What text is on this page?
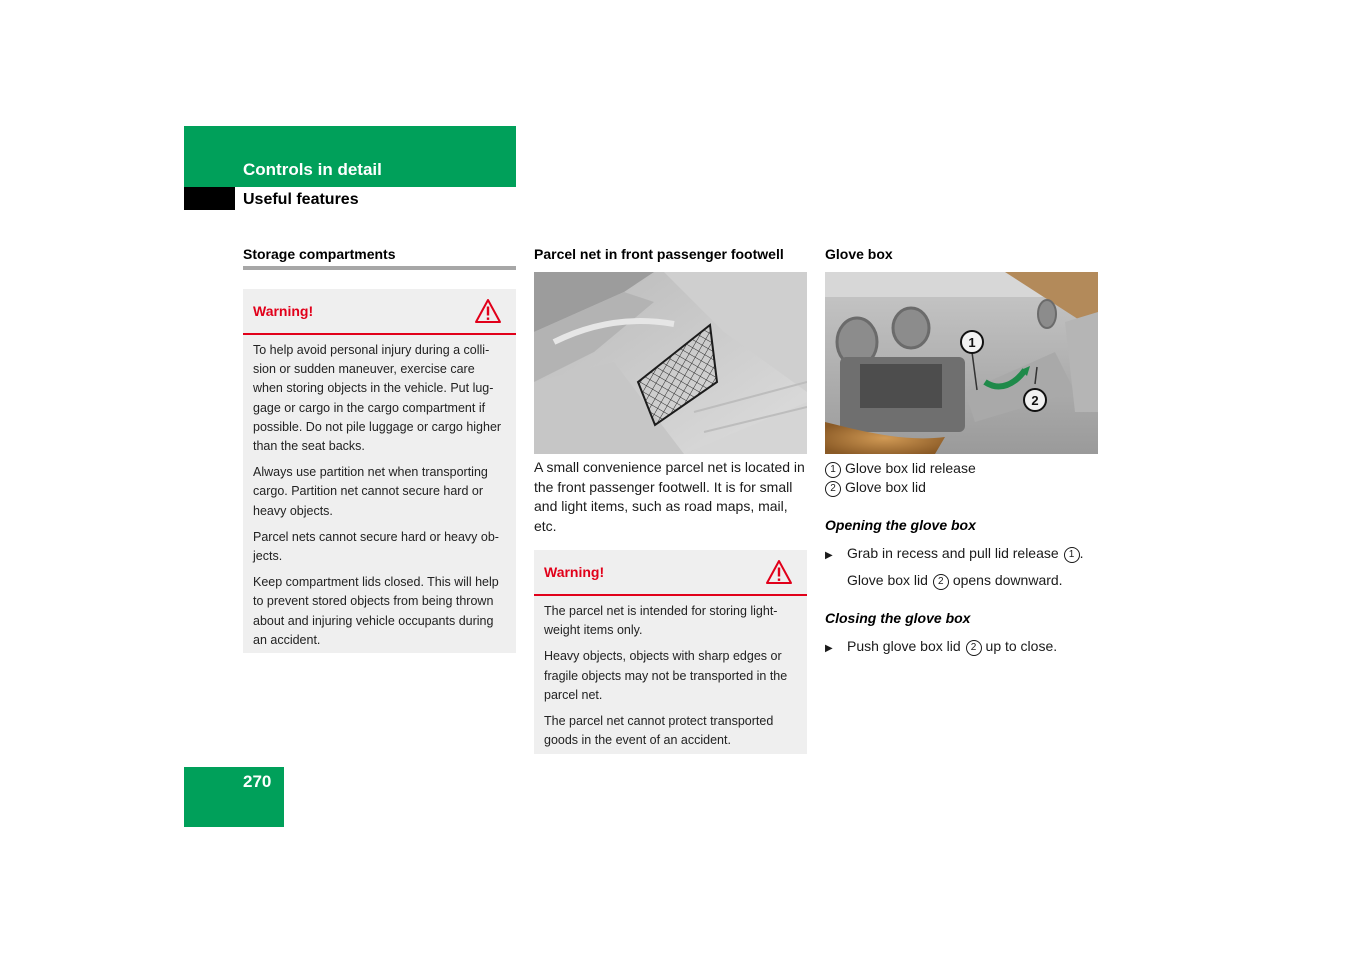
Controls in detail
Useful features
Storage compartments
Warning!

To help avoid personal injury during a colli-sion or sudden maneuver, exercise care when storing objects in the vehicle. Put lug-gage or cargo in the cargo compartment if possible. Do not pile luggage or cargo higher than the seat backs.

Always use partition net when transporting cargo. Partition net cannot secure hard or heavy objects.

Parcel nets cannot secure hard or heavy ob-jects.

Keep compartment lids closed. This will help to prevent stored objects from being thrown about and injuring vehicle occupants during an accident.

Parcel net in front passenger footwell
A small convenience parcel net is located in the front passenger footwell. It is for small and light items, such as road maps, mail, etc.
Warning!

The parcel net is intended for storing light-weight items only.

Heavy objects, objects with sharp edges or fragile objects may not be transported in the parcel net.

The parcel net cannot protect transported goods in the event of an accident.

Glove box
1
2
1 Glove box lid release
2 Glove box lid
Opening the glove box
▶ Grab in recess and pull lid release 1 .
Glove box lid 2 opens downward.
Closing the glove box
▶ Push glove box lid 2 up to close.
270
